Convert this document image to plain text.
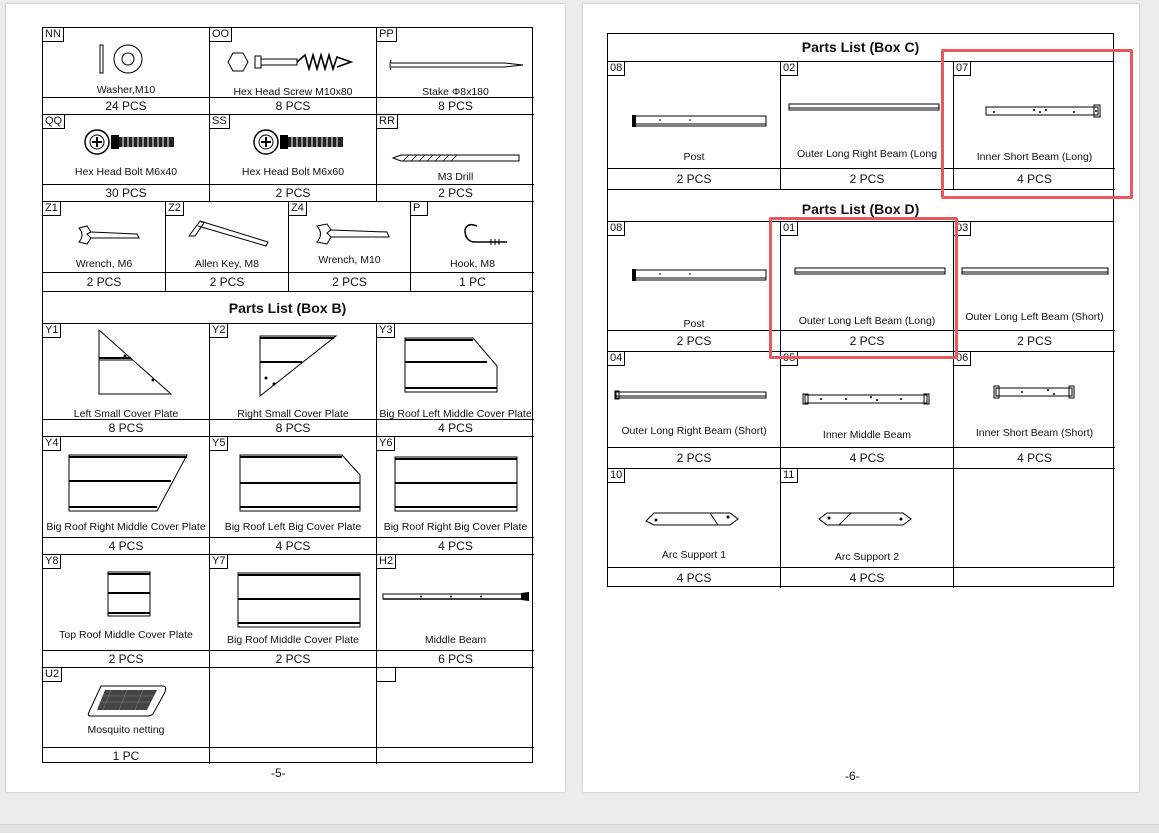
NN
Washer,M10
24 PCS
OO
Hex Head Screw M10x80
8 PCS
PP
Stake Φ8x180
8 PCS
QQ
Hex Head Bolt M6x40
30 PCS
SS
Hex Head Bolt M6x60
2 PCS
RR
M3 Drill
2 PCS
Z1
Wrench, M6
2 PCS
Z2
Allen Key, M8
2 PCS
Z4
Wrench, M10
2 PCS
P
Hook, M8
1 PC
Parts List (Box B)
Y1
Left Small Cover Plate
8 PCS
Y2
Right Small Cover Plate
8 PCS
Y3
Big Roof Left Middle Cover Plate
4 PCS
Y4
Big Roof Right Middle Cover Plate
4 PCS
Y5
Big Roof Left Big Cover Plate
4 PCS
Y6
Big Roof Right Big Cover Plate
4 PCS
Y8
Top Roof Middle Cover Plate
2 PCS
Y7
Big Roof Middle Cover Plate
2 PCS
H2
Middle Beam
6 PCS
U2
Mosquito netting
1 PC

-5-
Parts List (Box C)
08
Post
2 PCS
02
Outer Long Right Beam (Long
2 PCS
07
Inner Short Beam (Long)
4 PCS
Parts List (Box D)
08
Post
2 PCS
01
Outer Long Left Beam (Long)
2 PCS
03
Outer Long Left Beam (Short)
2 PCS
04
Outer Long Right Beam (Short)
2 PCS
05
Inner Middle Beam
4 PCS
06
Inner Short Beam (Short)
4 PCS
10
Arc Support 1
4 PCS
11
Arc Support 2
4 PCS

-6-
